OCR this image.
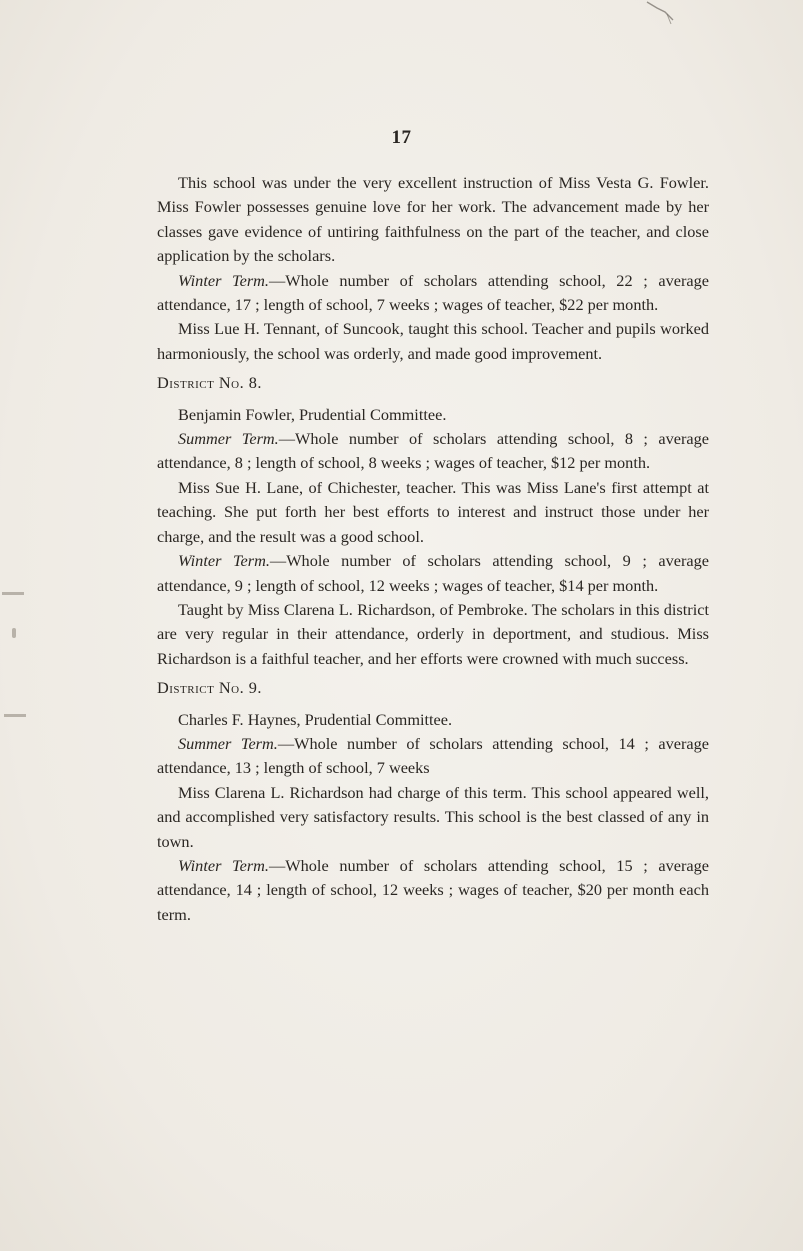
17

This school was under the very excellent instruction of Miss Vesta G. Fowler. Miss Fowler possesses genuine love for her work. The advancement made by her classes gave evidence of untiring faithfulness on the part of the teacher, and close application by the scholars.

Winter Term.—Whole number of scholars attending school, 22 ; average attendance, 17 ; length of school, 7 weeks ; wages of teacher, $22 per month.

Miss Lue H. Tennant, of Suncook, taught this school. Teacher and pupils worked harmoniously, the school was orderly, and made good improvement.

District No. 8.

Benjamin Fowler, Prudential Committee.

Summer Term.—Whole number of scholars attending school, 8 ; average attendance, 8 ; length of school, 8 weeks ; wages of teacher, $12 per month.

Miss Sue H. Lane, of Chichester, teacher. This was Miss Lane's first attempt at teaching. She put forth her best efforts to interest and instruct those under her charge, and the result was a good school.

Winter Term.—Whole number of scholars attending school, 9 ; average attendance, 9 ; length of school, 12 weeks ; wages of teacher, $14 per month.

Taught by Miss Clarena L. Richardson, of Pembroke. The scholars in this district are very regular in their attendance, orderly in deportment, and studious. Miss Richardson is a faithful teacher, and her efforts were crowned with much success.

District No. 9.

Charles F. Haynes, Prudential Committee.

Summer Term.—Whole number of scholars attending school, 14 ; average attendance, 13 ; length of school, 7 weeks

Miss Clarena L. Richardson had charge of this term. This school appeared well, and accomplished very satisfactory results. This school is the best classed of any in town.

Winter Term.—Whole number of scholars attending school, 15 ; average attendance, 14 ; length of school, 12 weeks ; wages of teacher, $20 per month each term.
